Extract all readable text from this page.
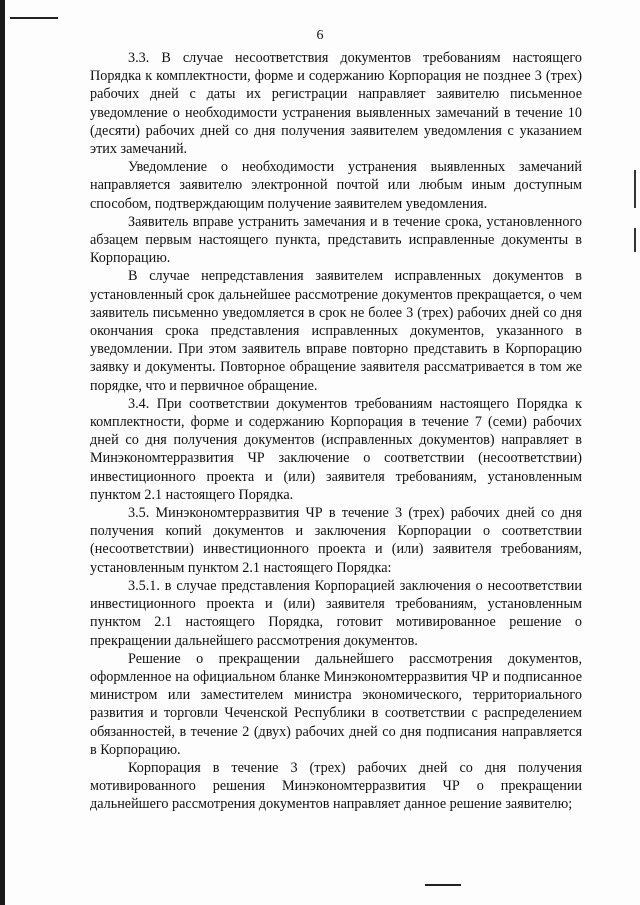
6

3.3. В случае несоответствия документов требованиям настоящего Порядка к комплектности, форме и содержанию Корпорация не позднее 3 (трех) рабочих дней с даты их регистрации направляет заявителю письменное уведомление о необходимости устранения выявленных замечаний в течение 10 (десяти) рабочих дней со дня получения заявителем уведомления с указанием этих замечаний.

Уведомление о необходимости устранения выявленных замечаний направляется заявителю электронной почтой или любым иным доступным способом, подтверждающим получение заявителем уведомления.

Заявитель вправе устранить замечания и в течение срока, установленного абзацем первым настоящего пункта, представить исправленные документы в Корпорацию.

В случае непредставления заявителем исправленных документов в установленный срок дальнейшее рассмотрение документов прекращается, о чем заявитель письменно уведомляется в срок не более 3 (трех) рабочих дней со дня окончания срока представления исправленных документов, указанного в уведомлении. При этом заявитель вправе повторно представить в Корпорацию заявку и документы. Повторное обращение заявителя рассматривается в том же порядке, что и первичное обращение.

3.4. При соответствии документов требованиям настоящего Порядка к комплектности, форме и содержанию Корпорация в течение 7 (семи) рабочих дней со дня получения документов (исправленных документов) направляет в Минэкономтерразвития ЧР заключение о соответствии (несоответствии) инвестиционного проекта и (или) заявителя требованиям, установленным пунктом 2.1 настоящего Порядка.

3.5. Минэкономтерразвития ЧР в течение 3 (трех) рабочих дней со дня получения копий документов и заключения Корпорации о соответствии (несоответствии) инвестиционного проекта и (или) заявителя требованиям, установленным пунктом 2.1 настоящего Порядка:

3.5.1. в случае представления Корпорацией заключения о несоответствии инвестиционного проекта и (или) заявителя требованиям, установленным пунктом 2.1 настоящего Порядка, готовит мотивированное решение о прекращении дальнейшего рассмотрения документов.

Решение о прекращении дальнейшего рассмотрения документов, оформленное на официальном бланке Минэкономтерразвития ЧР и подписанное министром или заместителем министра экономического, территориального развития и торговли Чеченской Республики в соответствии с распределением обязанностей, в течение 2 (двух) рабочих дней со дня подписания направляется в Корпорацию.

Корпорация в течение 3 (трех) рабочих дней со дня получения мотивированного решения Минэкономтерразвития ЧР о прекращении дальнейшего рассмотрения документов направляет данное решение заявителю;
